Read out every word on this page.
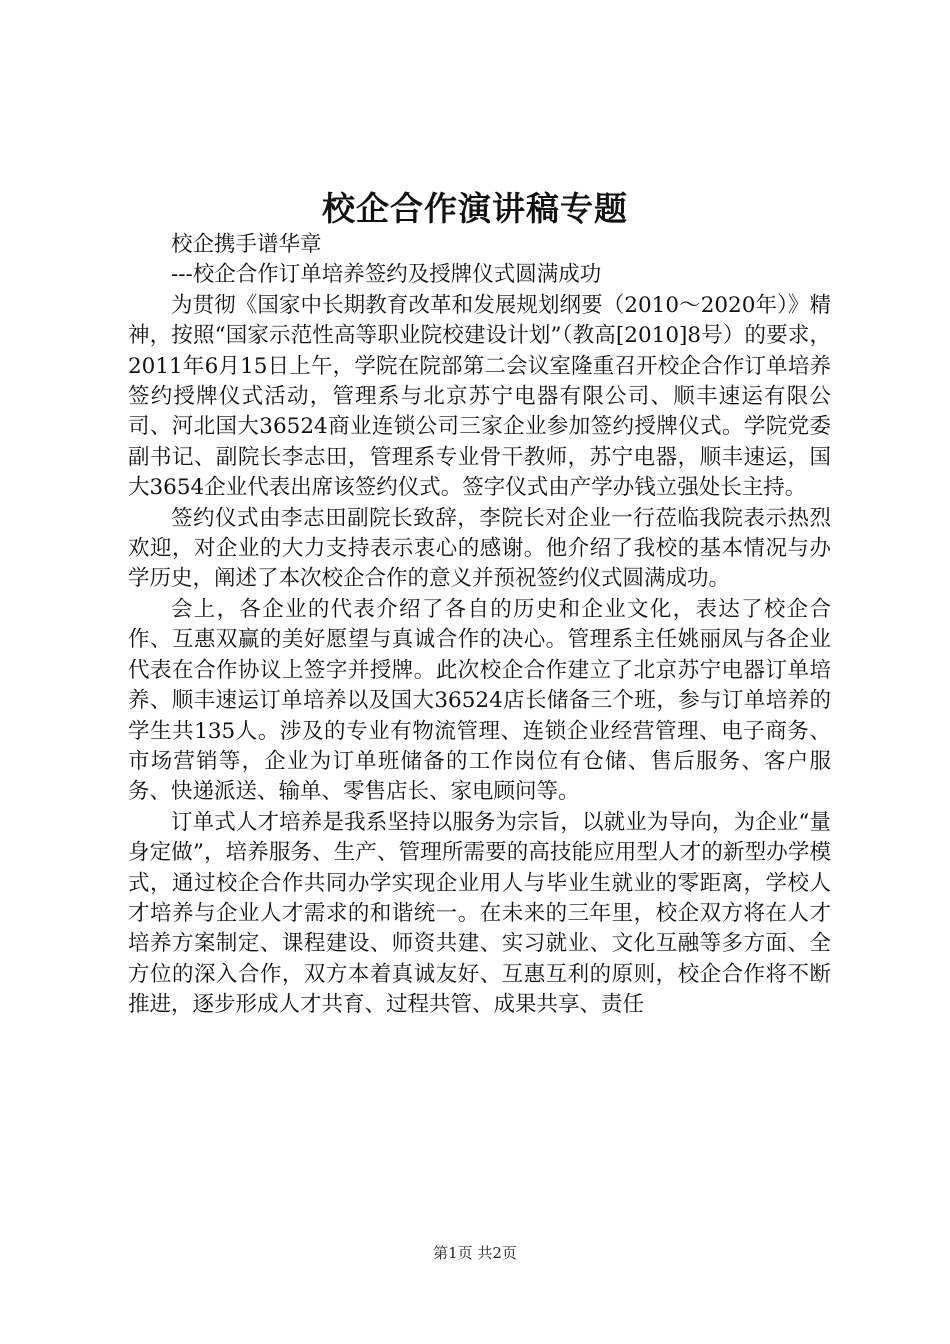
校企合作演讲稿专题

校企携手谱华章

---校企合作订单培养签约及授牌仪式圆满成功

为贯彻《国家中长期教育改革和发展规划纲要（2010～2020年）》精神，按照“国家示范性高等职业院校建设计划”（教高[2010]8号）的要求，2011年6月15日上午，学院在院部第二会议室隆重召开校企合作订单培养签约授牌仪式活动，管理系与北京苏宁电器有限公司、顺丰速运有限公司、河北国大36524商业连锁公司三家企业参加签约授牌仪式。学院党委副书记、副院长李志田，管理系专业骨干教师，苏宁电器，顺丰速运，国大3654企业代表出席该签约仪式。签字仪式由产学办钱立强处长主持。

签约仪式由李志田副院长致辞，李院长对企业一行莅临我院表示热烈欢迎，对企业的大力支持表示衷心的感谢。他介绍了我校的基本情况与办学历史，阐述了本次校企合作的意义并预祝签约仪式圆满成功。

会上，各企业的代表介绍了各自的历史和企业文化，表达了校企合作、互惠双赢的美好愿望与真诚合作的决心。管理系主任姚丽凤与各企业代表在合作协议上签字并授牌。此次校企合作建立了北京苏宁电器订单培养、顺丰速运订单培养以及国大36524店长储备三个班，参与订单培养的学生共135人。涉及的专业有物流管理、连锁企业经营管理、电子商务、市场营销等，企业为订单班储备的工作岗位有仓储、售后服务、客户服务、快递派送、输单、零售店长、家电顾问等。

订单式人才培养是我系坚持以服务为宗旨，以就业为导向，为企业“量身定做”，培养服务、生产、管理所需要的高技能应用型人才的新型办学模式，通过校企合作共同办学实现企业用人与毕业生就业的零距离，学校人才培养与企业人才需求的和谐统一。在未来的三年里，校企双方将在人才培养方案制定、课程建设、师资共建、实习就业、文化互融等多方面、全方位的深入合作，双方本着真诚友好、互惠互利的原则，校企合作将不断推进，逐步形成人才共育、过程共管、成果共享、责任

第1页 共2页
